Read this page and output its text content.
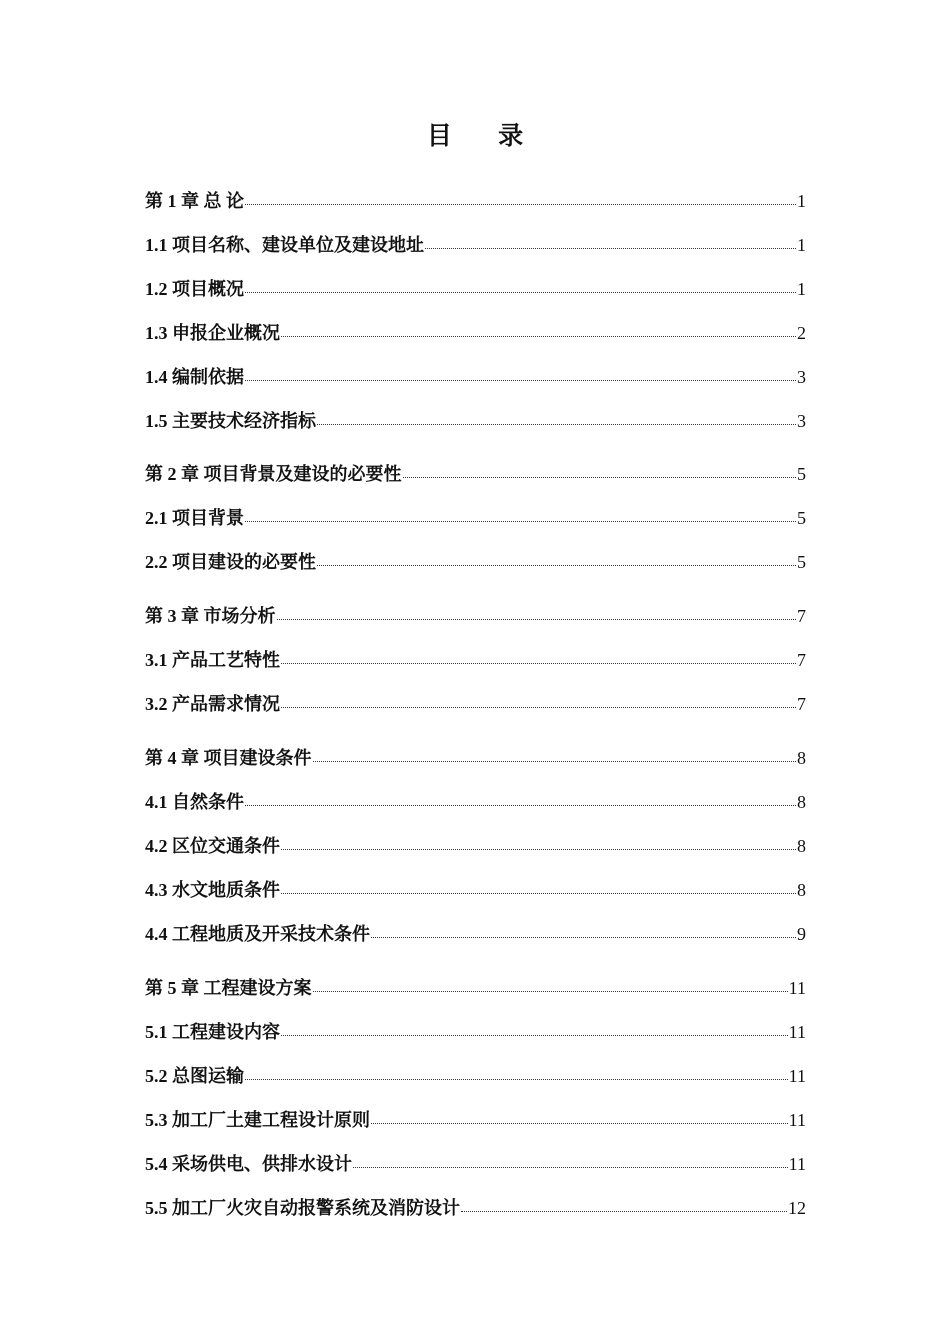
目 录
第 1 章 总 论	1
1.1 项目名称、建设单位及建设地址	1
1.2 项目概况	1
1.3 申报企业概况	2
1.4 编制依据	3
1.5 主要技术经济指标	3
第 2 章 项目背景及建设的必要性	5
2.1 项目背景	5
2.2 项目建设的必要性	5
第 3 章 市场分析	7
3.1 产品工艺特性	7
3.2 产品需求情况	7
第 4 章 项目建设条件	8
4.1 自然条件	8
4.2 区位交通条件	8
4.3 水文地质条件	8
4.4 工程地质及开采技术条件	9
第 5 章 工程建设方案	11
5.1 工程建设内容	11
5.2 总图运输	11
5.3 加工厂土建工程设计原则	11
5.4 采场供电、供排水设计	11
5.5 加工厂火灾自动报警系统及消防设计	12
